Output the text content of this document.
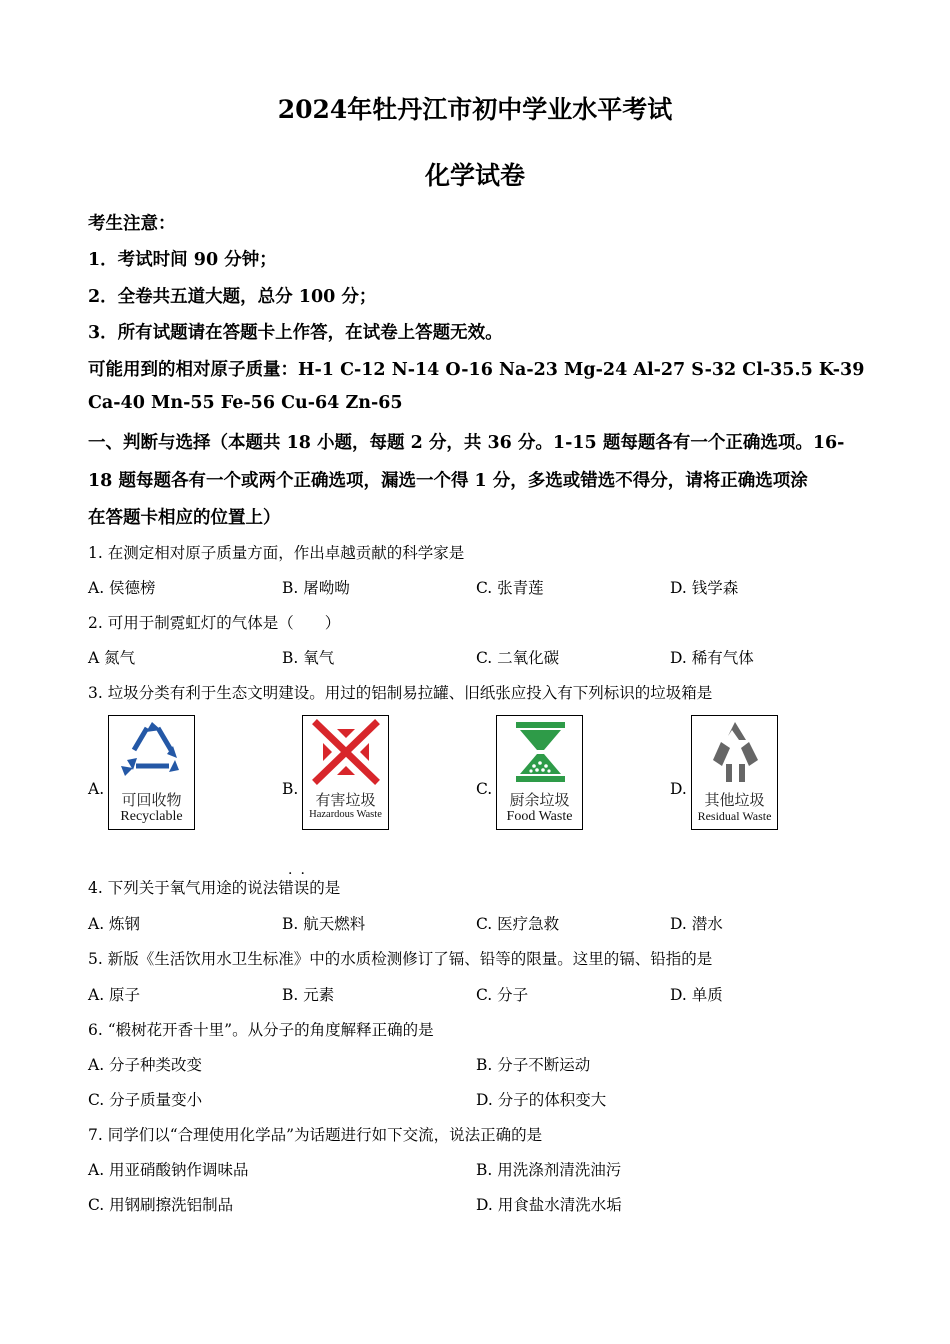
2024年牡丹江市初中学业水平考试
化学试卷
考生注意：
1．考试时间 90 分钟；
2．全卷共五道大题，总分 100 分；
3．所有试题请在答题卡上作答，在试卷上答题无效。
可能用到的相对原子质量：H-1 C-12 N-14 O-16 Na-23 Mg-24 Al-27 S-32 Cl-35.5 K-39
Ca-40 Mn-55 Fe-56 Cu-64 Zn-65
一、判断与选择（本题共 18 小题，每题 2 分，共 36 分。1-15 题每题各有一个正确选项。16-
18 题每题各有一个或两个正确选项，漏选一个得 1 分，多选或错选不得分，请将正确选项涂
在答题卡相应的位置上）
1. 在测定相对原子质量方面，作出卓越贡献的科学家是
A. 侯德榜	B. 屠呦呦	C. 张青莲	D. 钱学森
2. 可用于制霓虹灯的气体是（　　）
A 氮气	B. 氧气	C. 二氧化碳	D. 稀有气体
3. 垃圾分类有利于生态文明建设。用过的铝制易拉罐、旧纸张应投入有下列标识的垃圾箱是
A.
可回收物
Recyclable
B.
有害垃圾
Hazardous Waste
C.
厨余垃圾
Food Waste
D.
其他垃圾
Residual Waste
··
4. 下列关于氧气用途的说法错误的是
A. 炼钢	B. 航天燃料	C. 医疗急救	D. 潜水
5. 新版《生活饮用水卫生标准》中的水质检测修订了镉、铅等的限量。这里的镉、铅指的是
A. 原子	B. 元素	C. 分子	D. 单质
6. “椴树花开香十里”。从分子的角度解释正确的是
A. 分子种类改变	B. 分子不断运动
C. 分子质量变小	D. 分子的体积变大
7. 同学们以“合理使用化学品”为话题进行如下交流，说法正确的是
A. 用亚硝酸钠作调味品	B. 用洗涤剂清洗油污
C. 用钢刷擦洗铝制品	D. 用食盐水清洗水垢
